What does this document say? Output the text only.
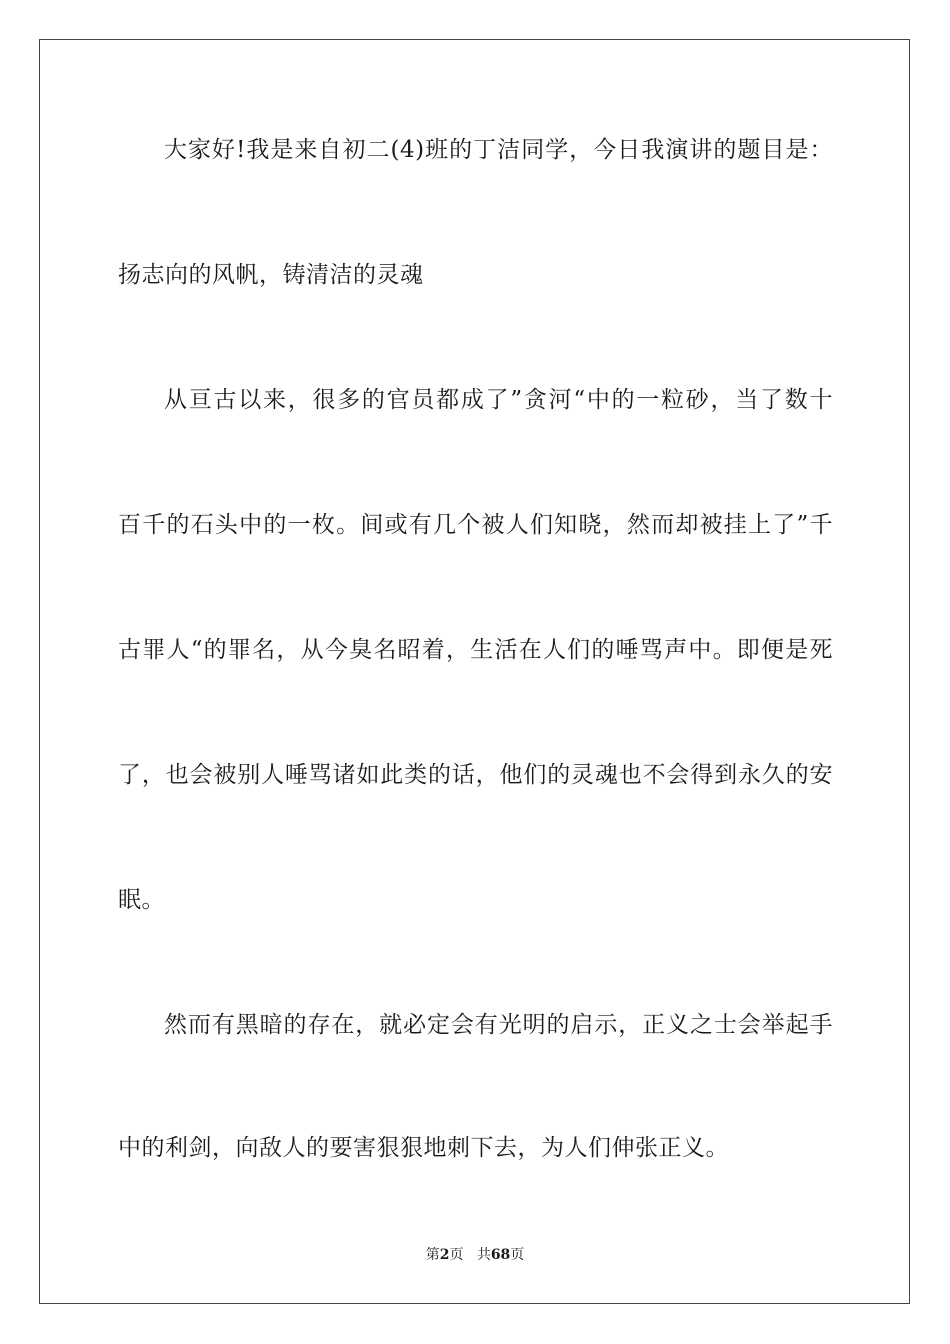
大家好!我是来自初二(4)班的丁洁同学，今日我演讲的题目是：
扬志向的风帆，铸清洁的灵魂
从亘古以来，很多的官员都成了”贪河“中的一粒砂，当了数十
百千的石头中的一枚。间或有几个被人们知晓，然而却被挂上了”千
古罪人“的罪名，从今臭名昭着，生活在人们的唾骂声中。即便是死
了，也会被别人唾骂诸如此类的话，他们的灵魂也不会得到永久的安
眠。
然而有黑暗的存在，就必定会有光明的启示，正义之士会举起手
中的利剑，向敌人的要害狠狠地刺下去，为人们伸张正义。
第2页 共68页
